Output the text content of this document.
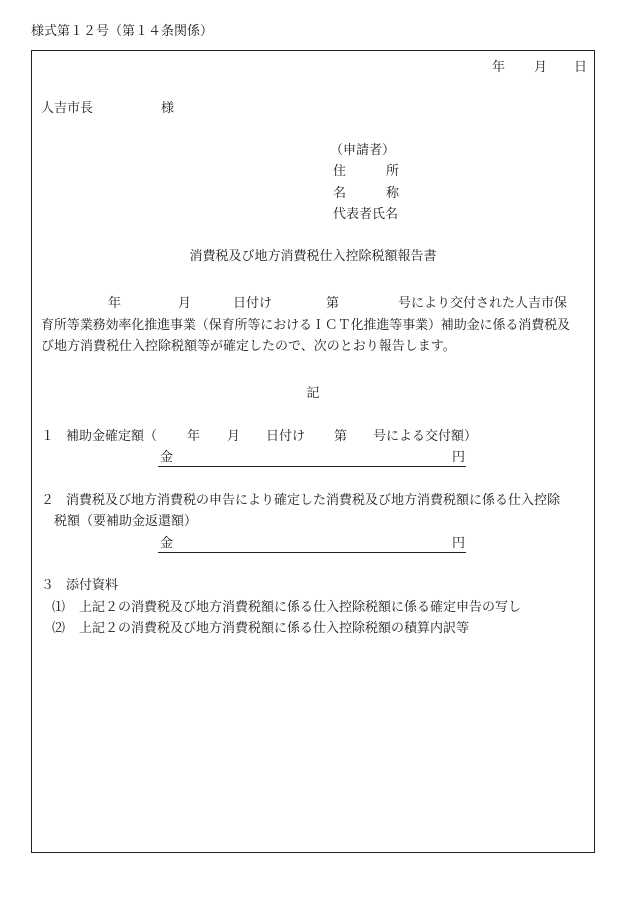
様式第１２号（第１４条関係）
年 月 日
人吉市長	様
（申請者）
住	所
名	称
代表者氏名
消費税及び地方消費税仕入控除税額報告書
年	月	日付け	第	号により交付された人吉市保
育所等業務効率化推進事業（保育所等におけるＩＣＴ化推進等事業）補助金に係る消費税及
び地方消費税仕入控除税額等が確定したので、次のとおり報告します。
記
１ 補助金確定額（ 年 月 日付け 第 号による交付額）
金	円
２ 消費税及び地方消費税の申告により確定した消費税及び地方消費税額に係る仕入控除
税額（要補助金返還額）
金	円
３ 添付資料
⑴ 上記２の消費税及び地方消費税額に係る仕入控除税額に係る確定申告の写し
⑵ 上記２の消費税及び地方消費税額に係る仕入控除税額の積算内訳等
